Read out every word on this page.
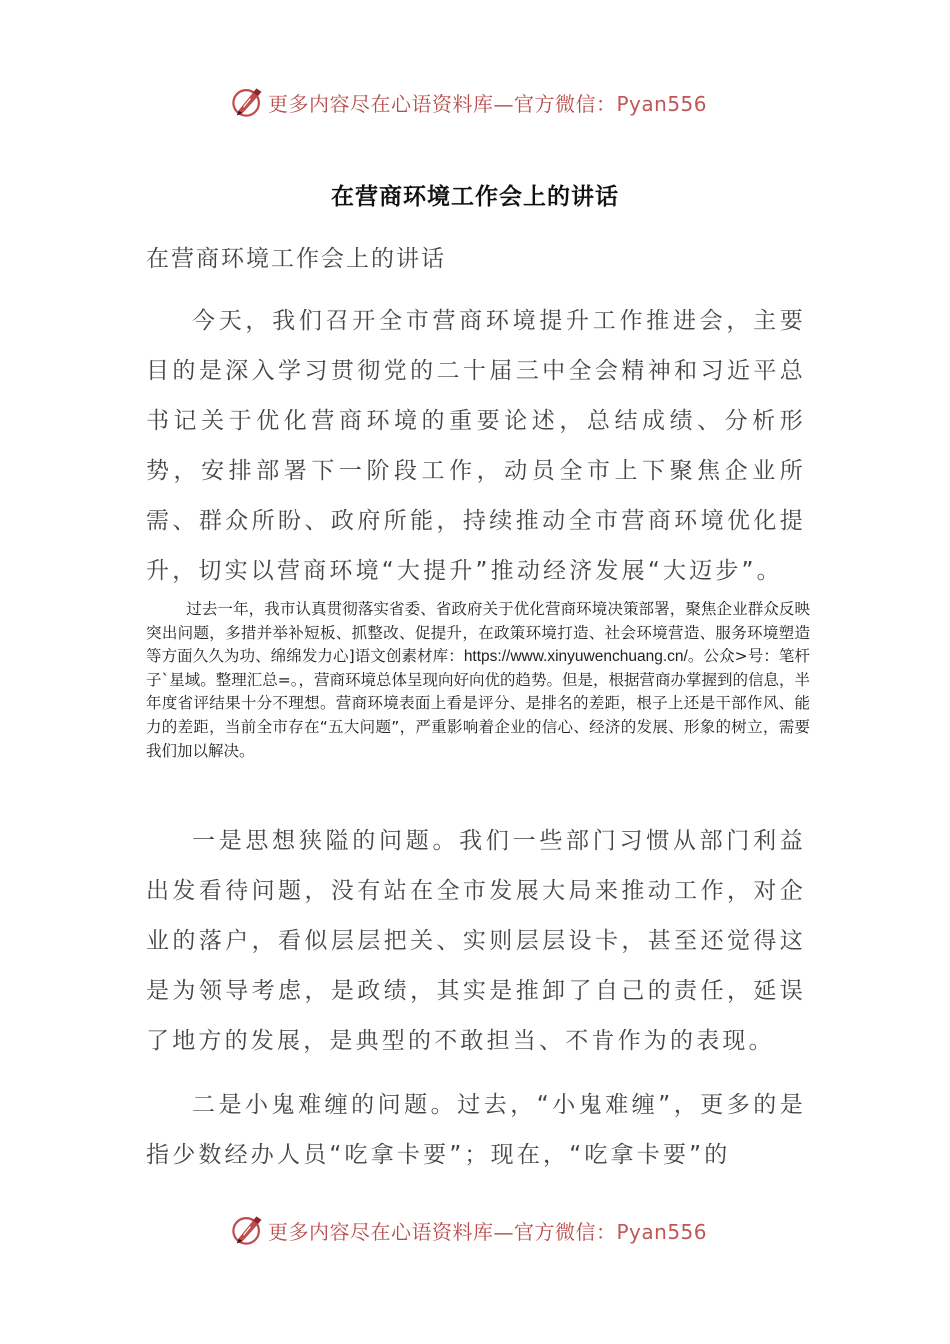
更多内容尽在心语资料库—官方微信：Pyan556
在营商环境工作会上的讲话
在营商环境工作会上的讲话

今天，我们召开全市营商环境提升工作推进会，主要目的是深入学习贯彻党的二十届三中全会精神和习近平总书记关于优化营商环境的重要论述，总结成绩、分析形势，安排部署下一阶段工作，动员全市上下聚焦企业所需、群众所盼、政府所能，持续推动全市营商环境优化提升，切实以营商环境“大提升”推动经济发展“大迈步”。

过去一年，我市认真贯彻落实省委、省政府关于优化营商环境决策部署，聚焦企业群众反映突出问题，多措并举补短板、抓整改、促提升，在政策环境打造、社会环境营造、服务环境塑造等方面久久为功、绵绵发力心]语文创素材库：https://www.xinyuwenchuang.cn/。公众>号：笔杆子`星域。整理汇总=。，营商环境总体呈现向好向优的趋势。但是，根据营商办掌握到的信息，半年度省评结果十分不理想。营商环境表面上看是评分、是排名的差距，根子上还是干部作风、能力的差距，当前全市存在“五大问题”，严重影响着企业的信心、经济的发展、形象的树立，需要我们加以解决。

一是思想狭隘的问题。我们一些部门习惯从部门利益出发看待问题，没有站在全市发展大局来推动工作，对企业的落户，看似层层把关、实则层层设卡，甚至还觉得这是为领导考虑，是政绩，其实是推卸了自己的责任，延误了地方的发展，是典型的不敢担当、不肯作为的表现。

二是小鬼难缠的问题。过去，“小鬼难缠”，更多的是指少数经办人员“吃拿卡要”；现在，“吃拿卡要”的

更多内容尽在心语资料库—官方微信：Pyan556
